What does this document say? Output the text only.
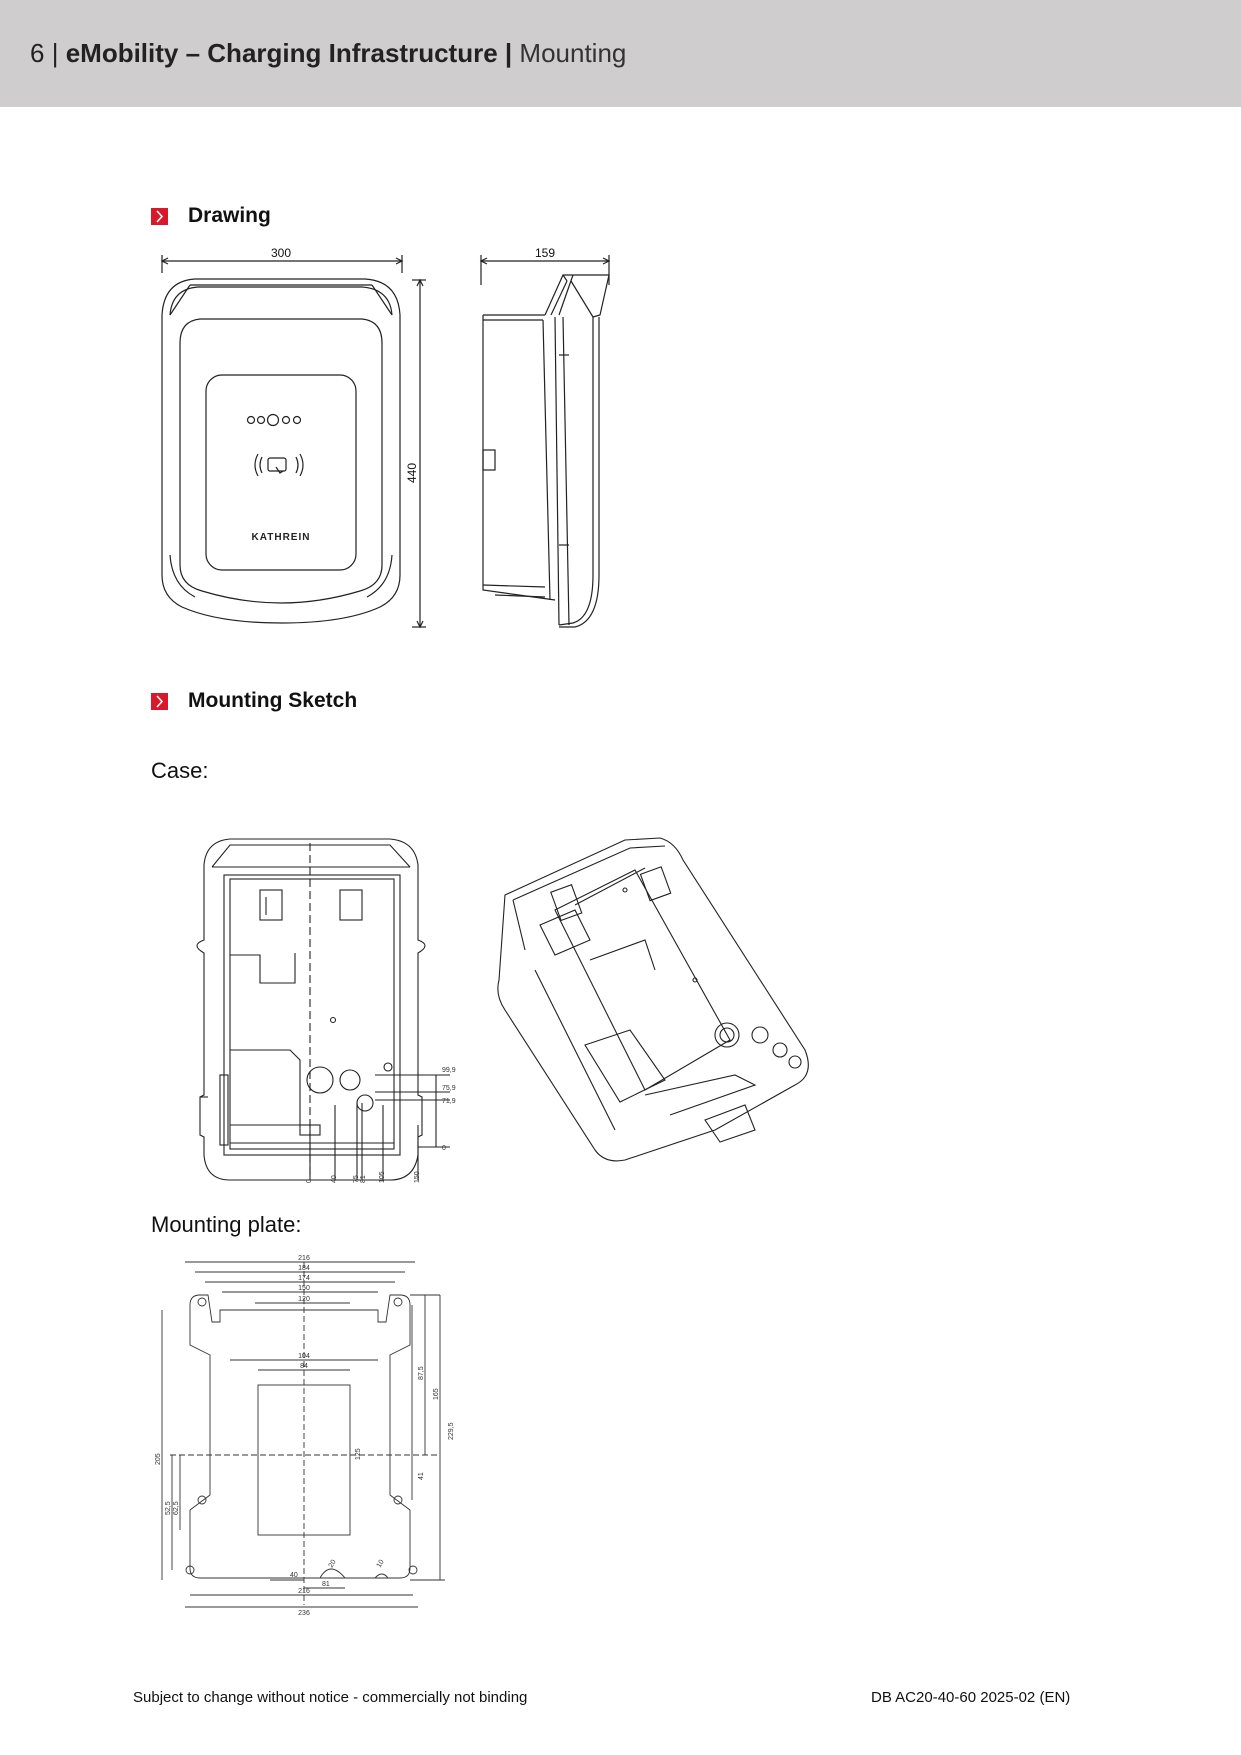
6 | eMobility – Charging Infrastructure | Mounting
Drawing
KATHREIN
300
440
159
Mounting Sketch
Case:
99,9
75,9
71,9
0
0	40 75 81 105	150
Mounting plate:
216
184
174
150
120
104
84
125
40
81
216
236
87,5
165
229,5
41
205
52,5 62,5
20	10
Subject to change without notice - commercially not binding	DB AC20-40-60 2025-02 (EN)
